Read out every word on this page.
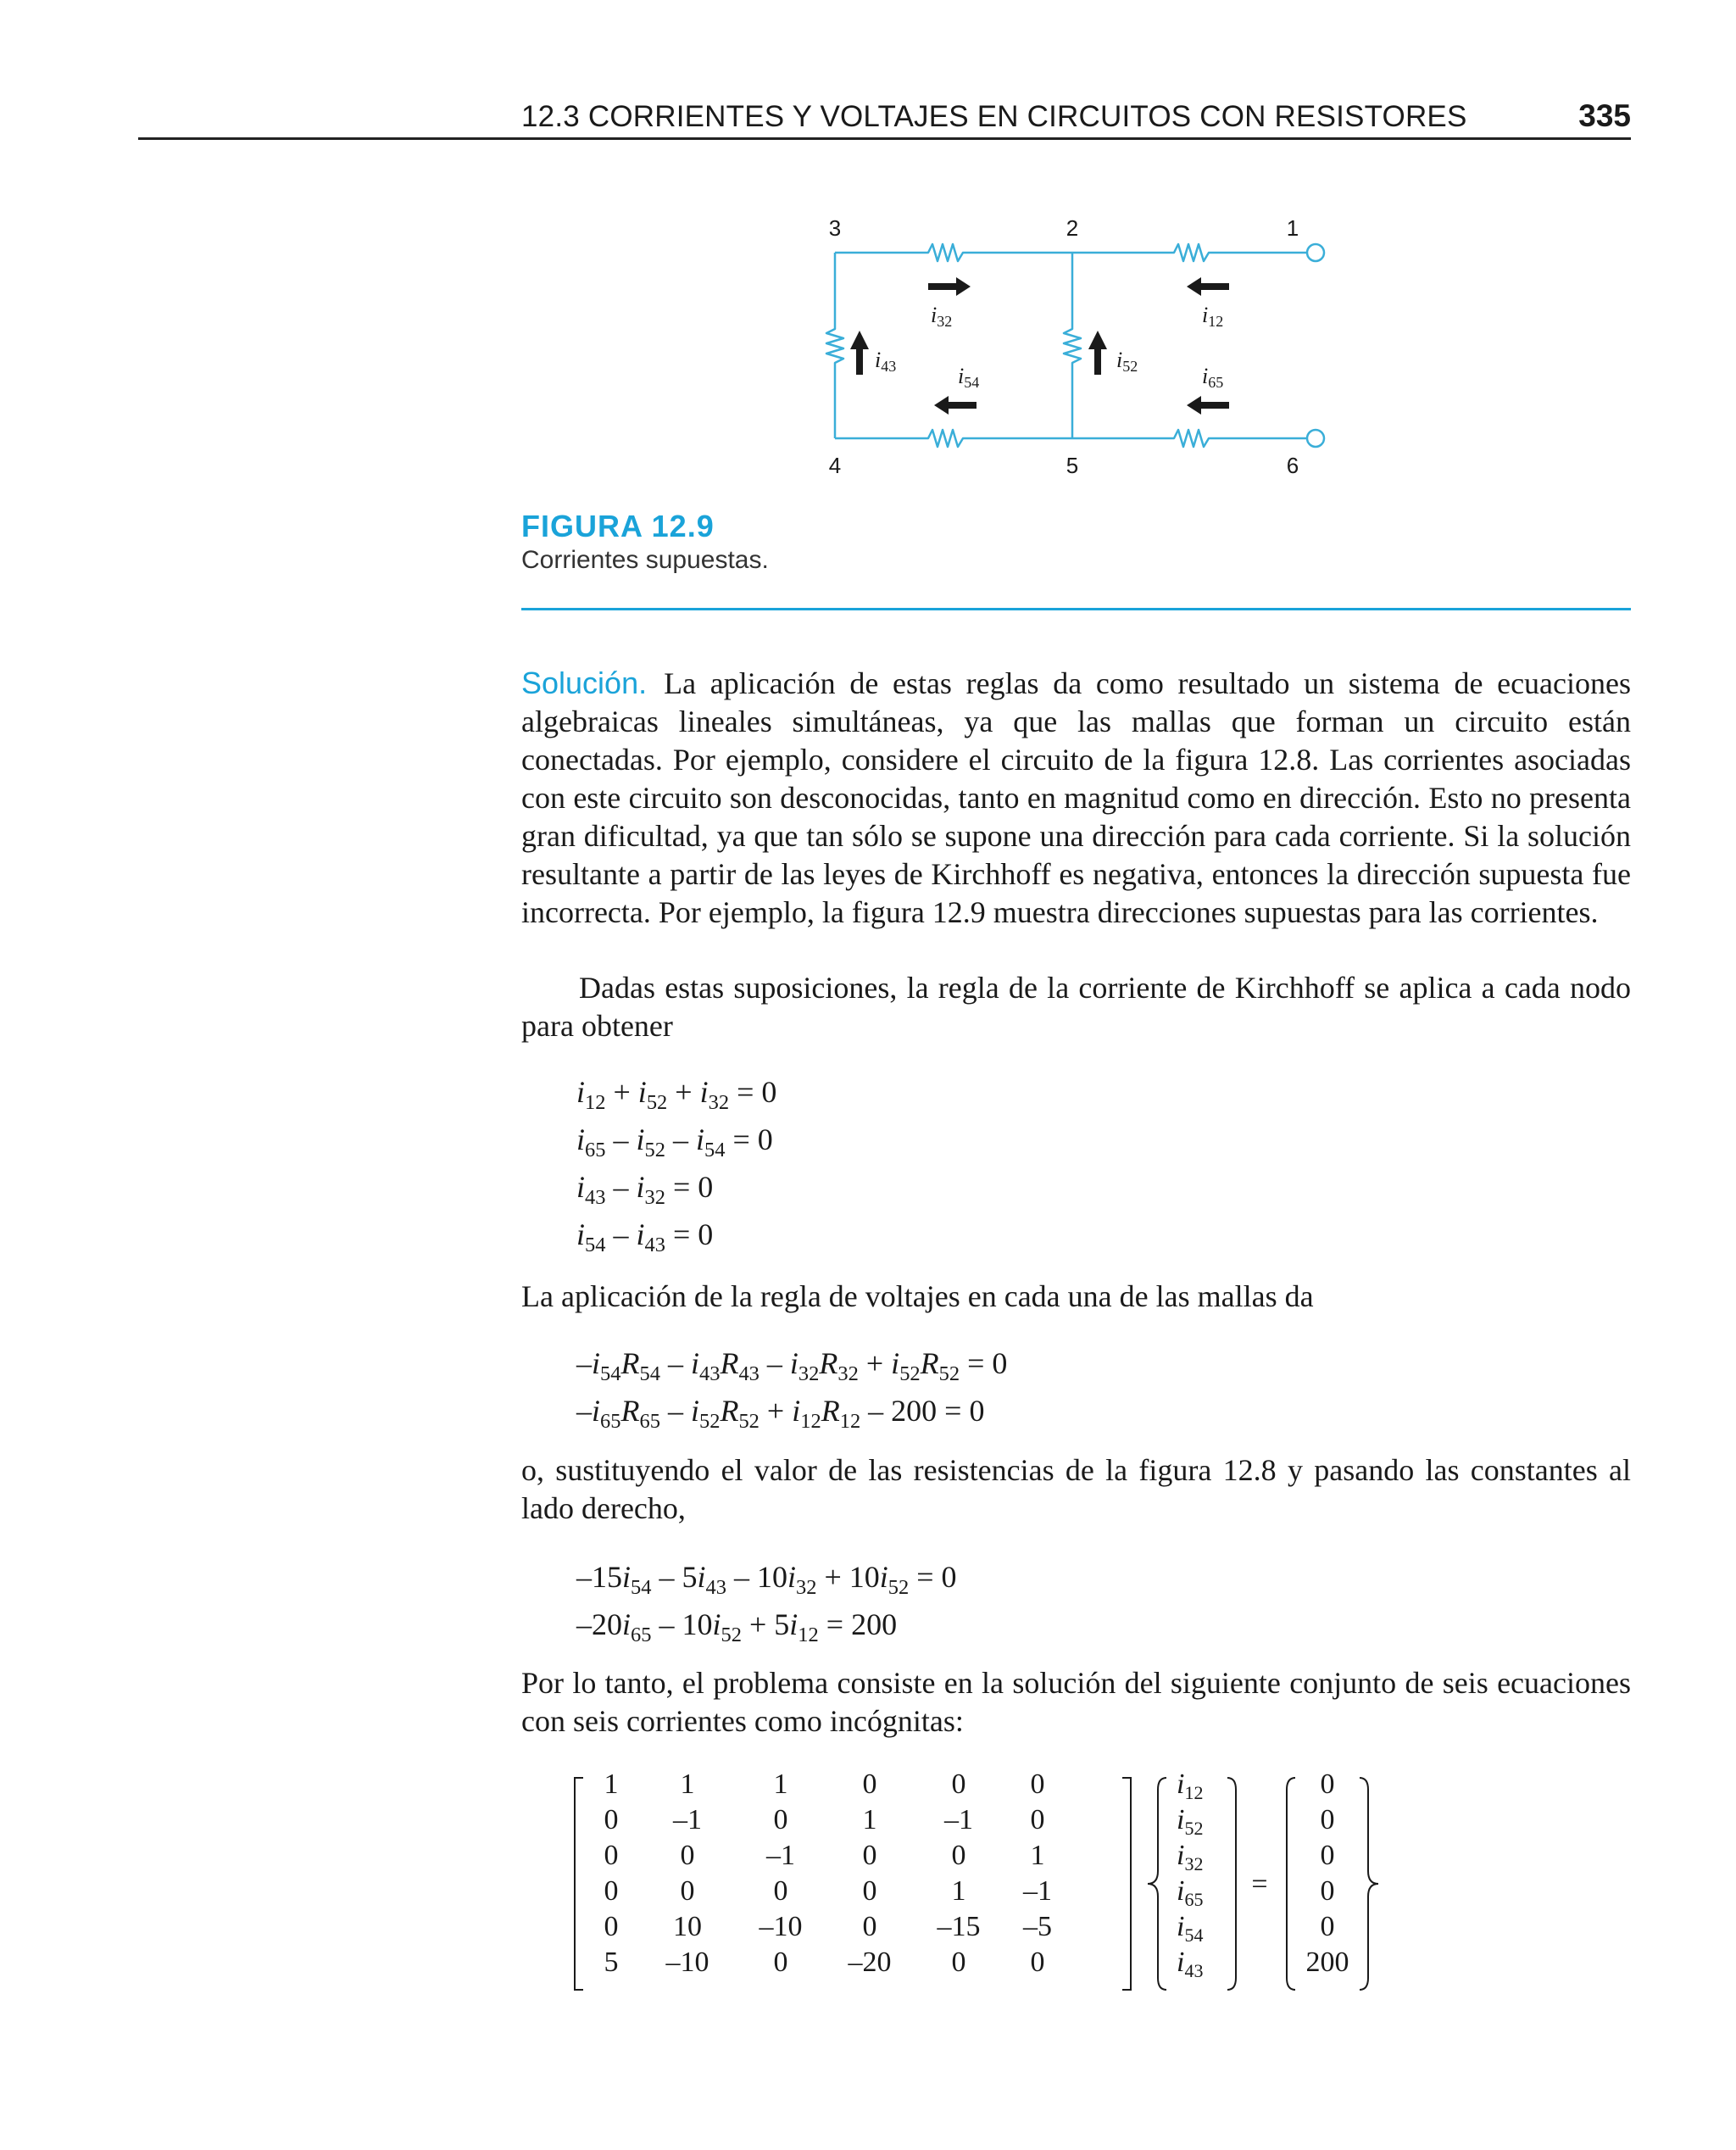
12.3 CORRIENTES Y VOLTAJES EN CIRCUITOS CON RESISTORES	335
3	2	1
4	5	6
i32	i12
i43	i54
i52	i65
FIGURA 12.9
Corrientes supuestas.

Solución. La aplicación de estas reglas da como resultado un sistema de ecuaciones algebraicas lineales simultáneas, ya que las mallas que forman un circuito están conectadas. Por ejemplo, considere el circuito de la figura 12.8. Las corrientes asociadas con este circuito son desconocidas, tanto en magnitud como en dirección. Esto no presenta gran dificultad, ya que tan sólo se supone una dirección para cada corriente. Si la solución resultante a partir de las leyes de Kirchhoff es negativa, entonces la dirección supuesta fue incorrecta. Por ejemplo, la figura 12.9 muestra direcciones supuestas para las corrientes.

Dadas estas suposiciones, la regla de la corriente de Kirchhoff se aplica a cada nodo para obtener

$i_{12} + i_{52} + i_{32} = 0$
$i_{65} - i_{52} - i_{54} = 0$
$i_{43} - i_{32} = 0$
$i_{54} - i_{43} = 0$

La aplicación de la regla de voltajes en cada una de las mallas da

$-i_{54}R_{54} - i_{43}R_{43} - i_{32}R_{32} + i_{52}R_{52} = 0$
$-i_{65}R_{65} - i_{52}R_{52} + i_{12}R_{12} - 200 = 0$

o, sustituyendo el valor de las resistencias de la figura 12.8 y pasando las constantes al lado derecho,

$-15i_{54} - 5i_{43} - 10i_{32} + 10i_{52} = 0$
$-20i_{65} - 10i_{52} + 5i_{12} = 200$

Por lo tanto, el problema consiste en la solución del siguiente conjunto de seis ecuaciones con seis corrientes como incógnitas:

1 1	1	0	0 0
0 –1 0	1 –1 0
0 0 –1 0	0 1
0 0	0	0	1 –1
0 10 –10 0 –15 –5
5 –10 0 –20 0 0
$i_{12}$
$i_{52}$
$i_{32}$
$i_{65}$
$i_{54}$
$i_{43}$
=
0
0
0
0
0
200
